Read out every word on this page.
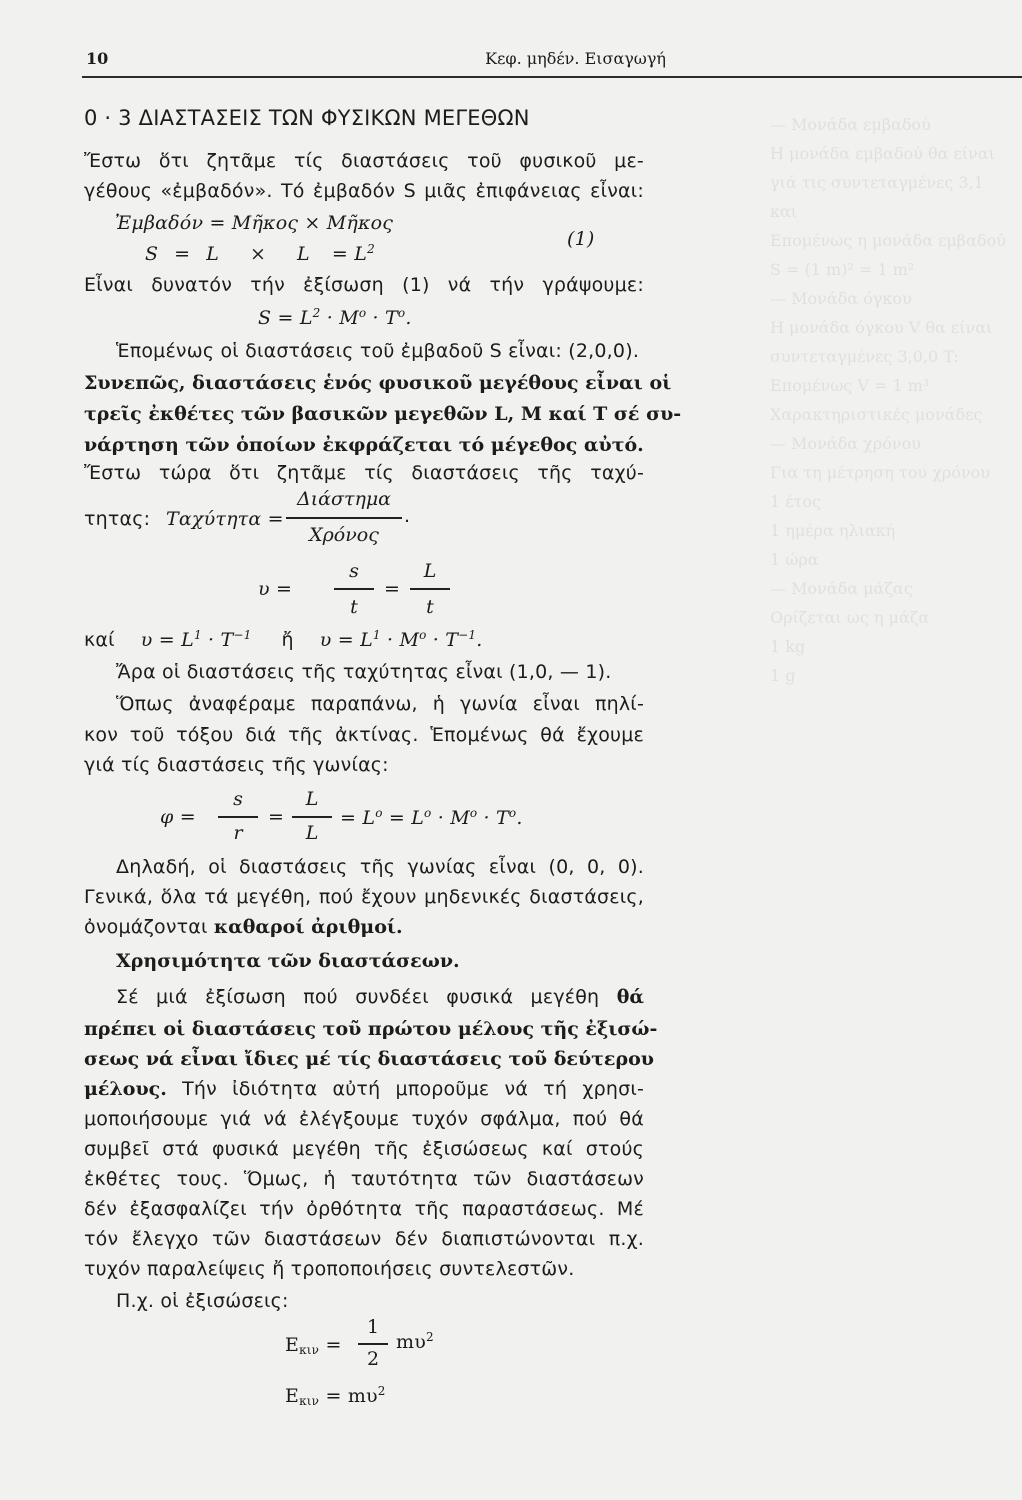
— Μονάδα εμβαδού
Η μονάδα εμβαδού θα είναι
γιά τις συντεταγμένες 3,1 και
Επομένως η μονάδα εμβαδού
S = (1 m)² = 1 m²
— Μονάδα όγκου
Η μονάδα όγκου V θα είναι
συντεταγμένες 3,0,0 T:
Επομένως V = 1 m³
Χαρακτηριστικές μονάδες
— Μονάδα χρόνου
Για τη μέτρηση του χρόνου
1 έτος
1 ημέρα ηλιακή
1 ώρα
— Μονάδα μάζας
Ορίζεται ως η μάζα
1 kg
1 g
10	Κεφ. μηδέν. Εισαγωγή
0 · 3 ΔΙΑΣΤΑΣΕΙΣ ΤΩΝ ΦΥΣΙΚΩΝ ΜΕΓΕΘΩΝ
Ἔστω ὅτι ζητᾶμε τίς διαστάσεις τοῦ φυσικοῦ με-
γέθους «ἐμβαδόν». Τό ἐμβαδόν S μιᾶς ἐπιφάνειας εἶναι:
Ἐμβαδόν = Μῆκος × Μῆκος
$S = L \times L = L^2$	(1)
Εἶναι δυνατόν τήν ἐξίσωση (1) νά τήν γράψουμε:
$S = L^2 \cdot M^o \cdot T^o$.
Ἑπομένως οἱ διαστάσεις τοῦ ἐμβαδοῦ S εἶναι: (2,0,0).
Συνεπῶς, διαστάσεις ἑνός φυσικοῦ μεγέθους εἶναι οἱ
τρεῖς ἐκθέτες τῶν βασικῶν μεγεθῶν L, M καί T σέ συ-
νάρτηση τῶν ὁποίων ἐκφράζεται τό μέγεθος αὐτό.
Ἔστω τώρα ὅτι ζητᾶμε τίς διαστάσεις τῆς ταχύ-
τητας: Ταχύτητα =
Διάστημα
.
Χρόνος
υ =
s
t
=
L
t
καί $\upsilon = L^1 \cdot T^{-1}$ ἤ $\upsilon = L^1 \cdot M^o \cdot T^{-1}$.
Ἄρα οἱ διαστάσεις τῆς ταχύτητας εἶναι (1,0, — 1).
Ὅπως ἀναφέραμε παραπάνω, ἡ γωνία εἶναι πηλί-
κον τοῦ τόξου διά τῆς ἀκτίνας. Ἑπομένως θά ἔχουμε
γιά τίς διαστάσεις τῆς γωνίας:
φ =
s
r
=
L
L
= $L^o = L^o \cdot M^o \cdot T^o$.
Δηλαδή, οἱ διαστάσεις τῆς γωνίας εἶναι (0, 0, 0).
Γενικά, ὅλα τά μεγέθη, πού ἔχουν μηδενικές διαστάσεις,
ὀνομάζονται καθαροί ἀριθμοί.
Χρησιμότητα τῶν διαστάσεων.
Σέ μιά ἐξίσωση πού συνδέει φυσικά μεγέθη θά
πρέπει οἱ διαστάσεις τοῦ πρώτου μέλους τῆς ἐξισώ-
σεως νά εἶναι ἴδιες μέ τίς διαστάσεις τοῦ δεύτερου
μέλους. Τήν ἰδιότητα αὐτή μποροῦμε νά τή χρησι-
μοποιήσουμε γιά νά ἐλέγξουμε τυχόν σφάλμα, πού θά
συμβεῖ στά φυσικά μεγέθη τῆς ἐξισώσεως καί στούς
ἐκθέτες τους. Ὅμως, ἡ ταυτότητα τῶν διαστάσεων
δέν ἐξασφαλίζει τήν ὀρθότητα τῆς παραστάσεως. Μέ
τόν ἔλεγχο τῶν διαστάσεων δέν διαπιστώνονται π.χ.
τυχόν παραλείψεις ἤ τροποποιήσεις συντελεστῶν.
Π.χ. οἱ ἐξισώσεις:
$E_{\kappa\iota\nu}$ =
1
2
$m\upsilon^2$
$E_{\kappa\iota\nu} = m\upsilon^2$
